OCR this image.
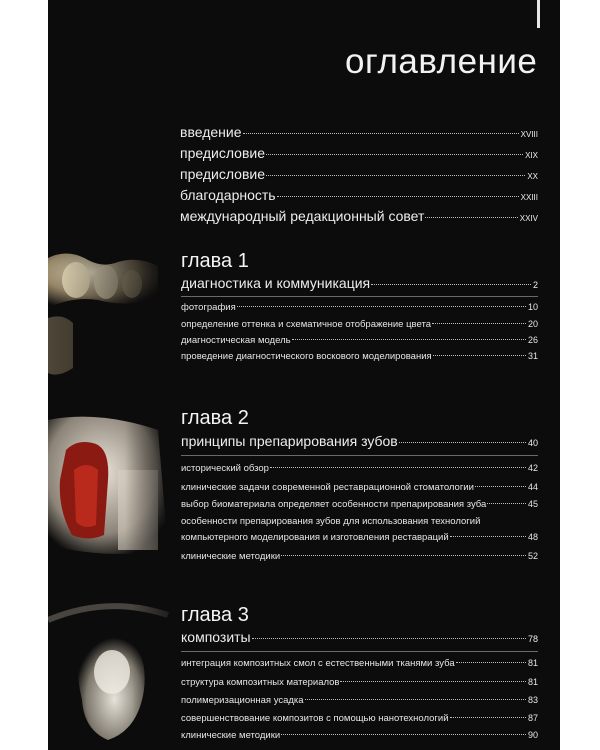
оглавление
введение	XVIII
предисловие	XIX
предисловие	XX
благодарность	XXIII
международный редакционный совет	XXIV
глава 1
диагностика и коммуникация	2
фотография	10
определение оттенка и схематичное отображение цвета	20
диагностическая модель	26
проведение диагностического воскового моделирования	31
глава 2
принципы препарирования зубов	40
исторический обзор	42
клинические задачи современной реставрационной стоматологии	44
выбор биоматериала определяет особенности препарирования зуба	45
особенности препарирования зубов для использования технологий
компьютерного моделирования и изготовления реставраций	48
клинические методики	52
глава 3
композиты	78
интеграция композитных смол с естественными тканями зуба	81
структура композитных материалов	81
полимеризационная усадка	83
совершенствование композитов с помощью нанотехнологий	87
клинические методики	90
